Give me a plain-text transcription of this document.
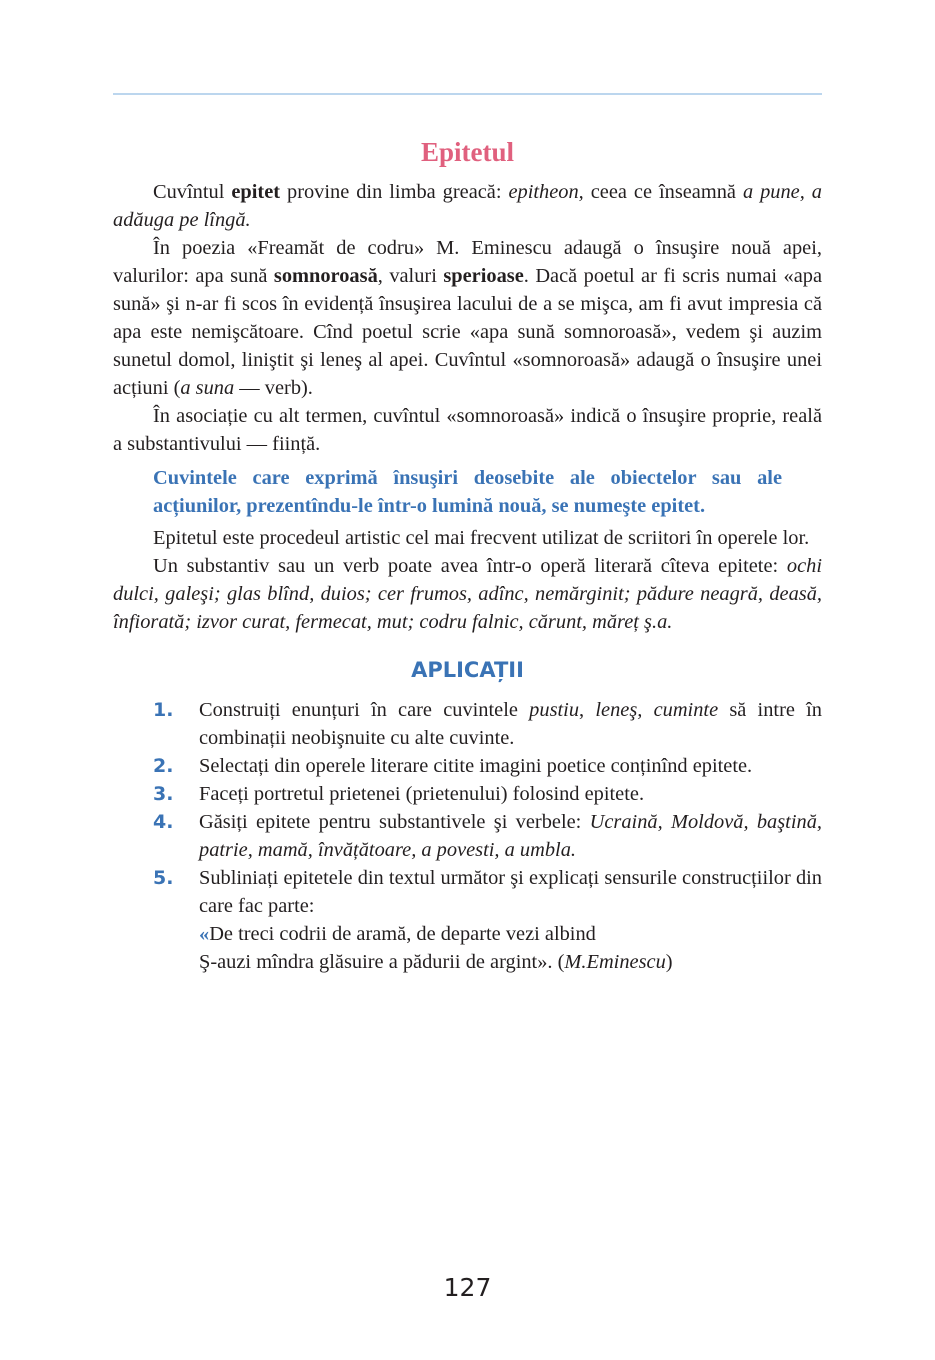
Epitetul

Cuvîntul epitet provine din limba greacă: epitheon, ceea ce înseamnă a pune, a adăuga pe lîngă.

În poezia «Freamăt de codru» M. Eminescu adaugă o însuşire nouă apei, valurilor: apa sună somnoroasă, valuri sperioase. Dacă poetul ar fi scris numai «apa sună» şi n-ar fi scos în evidență însuşirea lacului de a se mişca, am fi avut impresia că apa este nemişcătoare. Cînd poetul scrie «apa sună somnoroasă», vedem şi auzim sunetul domol, liniştit şi leneş al apei. Cuvîntul «somnoroasă» adaugă o însuşire unei acțiuni (a suna — verb).

În asociație cu alt termen, cuvîntul «somnoroasă» indică o însuşire proprie, reală a substantivului — ființă.

Cuvintele care exprimă însuşiri deosebite ale obiectelor sau ale acțiunilor, prezentîndu-le într-o lumină nouă, se numeşte epitet.

Epitetul este procedeul artistic cel mai frecvent utilizat de scriitori în operele lor.

Un substantiv sau un verb poate avea într-o operă literară cîteva epitete: ochi dulci, galeşi; glas blînd, duios; cer frumos, adînc, nemărginit; pădure neagră, deasă, înfiorată; izvor curat, fermecat, mut; codru falnic, cărunt, măreț ş.a.

APLICAȚII
1. Construiți enunțuri în care cuvintele pustiu, leneş, cuminte să intre în combinații neobişnuite cu alte cuvinte.
2. Selectați din operele literare citite imagini poetice conținînd epitete.
3. Faceți portretul prietenei (prietenului) folosind epitete.
4. Găsiți epitete pentru substantivele şi verbele: Ucraină, Moldovă, baştină, patrie, mamă, învățătoare, a povesti, a umbla.
5. Subliniați epitetele din textul următor şi explicați sensurile construcțiilor din care fac parte:
«De treci codrii de aramă, de departe vezi albind
Ş-auzi mîndra glăsuire a pădurii de argint». (M.Eminescu)
127
